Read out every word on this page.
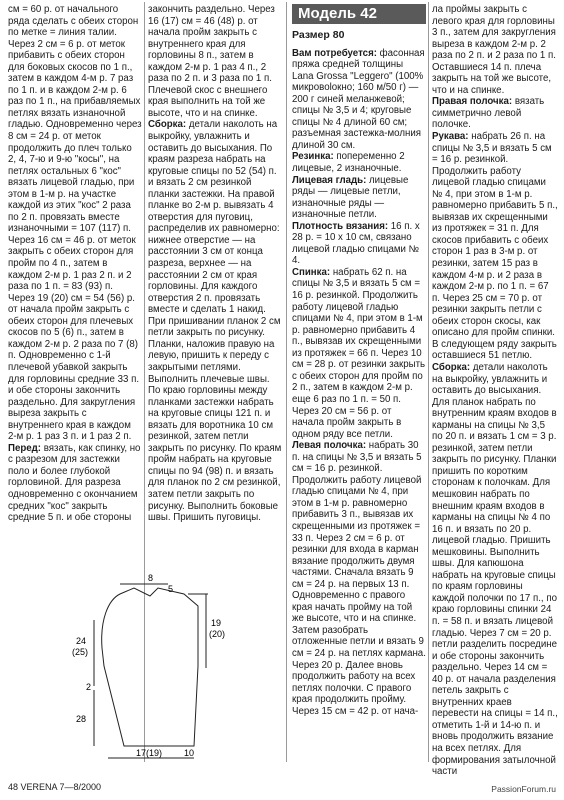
см = 60 р. от начального ряда сделать с обеих сторон по метке = линия талии. Через 2 см = 6 р. от меток прибавить с обеих сторон для боковых скосов по 1 п., затем в каждом 4-м р. 7 раз по 1 п. и в каждом 2-м р. 6 раз по 1 п., на прибавляемых петлях вязать изнаночной гладью. Одновременно через 8 см = 24 р. от меток продолжить до плеч только 2, 4, 7-ю и 9-ю "косы", на петлях остальных 6 "кос" вязать лицевой гладью, при этом в 1-м р. на участке каждой из этих "кос" 2 раза по 2 п. провязать вместе изнаночными = 107 (117) п. Через 16 см = 46 р. от меток закрыть с обеих сторон для пройм по 4 п., затем в каждом 2-м р. 1 раз 2 п. и 2 раза по 1 п. = 83 (93) п. Через 19 (20) см = 54 (56) р. от начала пройм закрыть с обеих сторон для плечевых скосов по 5 (6) п., затем в каждом 2-м р. 2 раза по 7 (8) п. Одновременно с 1-й плечевой убавкой закрыть для горловины средние 33 п. и обе стороны закончить раздельно. Для закругления выреза закрыть с внутреннего края в каждом 2-м р. 1 раз 3 п. и 1 раз 2 п.

Перед: вязать, как спинку, но с разрезом для застежки поло и более глубокой горловиной. Для разреза одновременно с окончанием средних "кос" закрыть средние 5 п. и обе стороны

закончить раздельно. Через 16 (17) см = 46 (48) р. от начала пройм закрыть с внутреннего края для горловины 8 п., затем в каждом 2-м р. 1 раз 4 п., 2 раза по 2 п. и 3 раза по 1 п. Плечевой скос с внешнего края выполнить на той же высоте, что и на спинке.

Сборка: детали наколоть на выкройку, увлажнить и оставить до высыхания. По краям разреза набрать на круговые спицы по 52 (54) п. и вязать 2 см резинкой планки застежки. На правой планке во 2-м р. вывязать 4 отверстия для пуговиц, распределив их равномерно: нижнее отверстие — на расстоянии 3 см от конца разреза, верхнее — на расстоянии 2 см от края горловины. Для каждого отверстия 2 п. провязать вместе и сделать 1 накид. При пришивании планок 2 см петли закрыть по рисунку. Планки, наложив правую на левую, пришить к переду с закрытыми петлями. Выполнить плечевые швы. По краю горловины между планками застежки набрать на круговые спицы 121 п. и вязать для воротника 10 см резинкой, затем петли закрыть по рисунку. По краям пройм набрать на круговые спицы по 94 (98) п. и вязать для планок по 2 см резинкой, затем петли закрыть по рисунку. Выполнить боковые швы. Пришить пуговицы.

Модель 42
Размер 80

Вам потребуется: фасонная пряжа средней толщины Lana Grossa "Leggero" (100% микровolокно; 160 м/50 г) — 200 г синей меланжевой; спицы № 3,5 и 4; круговые спицы № 4 длиной 60 см; разъемная застежка-молния длиной 30 см.

Резинка: попеременно 2 лицевые, 2 изнаночные.

Лицевая гладь: лицевые ряды — лицевые петли, изнаночные ряды — изнаночные петли.

Плотность вязания: 16 п. х 28 р. = 10 х 10 см, связано лицевой гладью спицами № 4.

Спинка: набрать 62 п. на спицы № 3,5 и вязать 5 см = 16 р. резинкой. Продолжить работу лицевой гладью спицами № 4, при этом в 1-м р. равномерно прибавить 4 п., вывязав их скрещенными из протяжек = 66 п. Через 10 см = 28 р. от резинки закрыть с обеих сторон для пройм по 2 п., затем в каждом 2-м р. еще 6 раз по 1 п. = 50 п. Через 20 см = 56 р. от начала пройм закрыть в одном ряду все петли.

Левая полочка: набрать 30 п. на спицы № 3,5 и вязать 5 см = 16 р. резинкой. Продолжить работу лицевой гладью спицами № 4, при этом в 1-м р. равномерно прибавить 3 п., вывязав их скрещенными из протяжек = 33 п. Через 2 см = 6 р. от резинки для входа в карман вязание продолжить двумя частями. Сначала вязать 9 см = 24 р. на первых 13 п. Одновременно с правого края начать пройму на той же высоте, что и на спинке. Затем разобрать отложенные петли и вязать 9 см = 24 р. на петлях кармана. Через 20 р. Далее вновь продолжить работу на всех петлях полочки. С правого края продолжить пройму. Через 15 см = 42 р. от нача-

ла проймы закрыть с левого края для горловины 3 п., затем для закругления выреза в каждом 2-м р. 2 раза по 2 п. и 2 раза по 1 п. Оставшиеся 14 п. плеча закрыть на той же высоте, что и на спинке.

Правая полочка: вязать симметрично левой полочке.

Рукава: набрать 26 п. на спицы № 3,5 и вязать 5 см = 16 р. резинкой. Продолжить работу лицевой гладью спицами № 4, при этом в 1-м р. равномерно прибавить 5 п., вывязав их скрещенными из протяжек = 31 п. Для скосов прибавить с обеих сторон 1 раз в 3-м р. от резинки, затем 15 раз в каждом 4-м р. и 2 раза в каждом 2-м р. по 1 п. = 67 п. Через 25 см = 70 р. от резинки закрыть петли с обеих сторон скосы, как описано для пройм спинки. В следующем ряду закрыть оставшиеся 51 петлю.

Сборка: детали наколоть на выкройку, увлажнить и оставить до высыхания. Для планок набрать по внутренним краям входов в карманы на спицы № 3,5 по 20 п. и вязать 1 см = 3 р. резинкой, затем петли закрыть по рисунку. Планки пришить по коротким сторонам к полочкам. Для мешковин набрать по внешним краям входов в карманы на спицы № 4 по 16 п. и вязать по 20 р. лицевой гладью. Пришить мешковины. Выполнить швы. Для капюшона набрать на круговые спицы по краям горловины каждой полочки по 17 п., по краю горловины спинки 24 п. = 58 п. и вязать лицевой гладью. Через 7 см = 20 р. петли разделить посредине и обе стороны закончить раздельно. Через 14 см = 40 р. от начала разделения петель закрыть с внутренних краев перевести на спицы = 14 п., отметить 1-й и 14-ю п. и вновь продолжить вязание на всех петлях. Для формирования затылочной части

8
5
19
(20)
24
(25)
2
28
17(19) 10
48 VERENA 7—8/2000	PassionForum.ru
